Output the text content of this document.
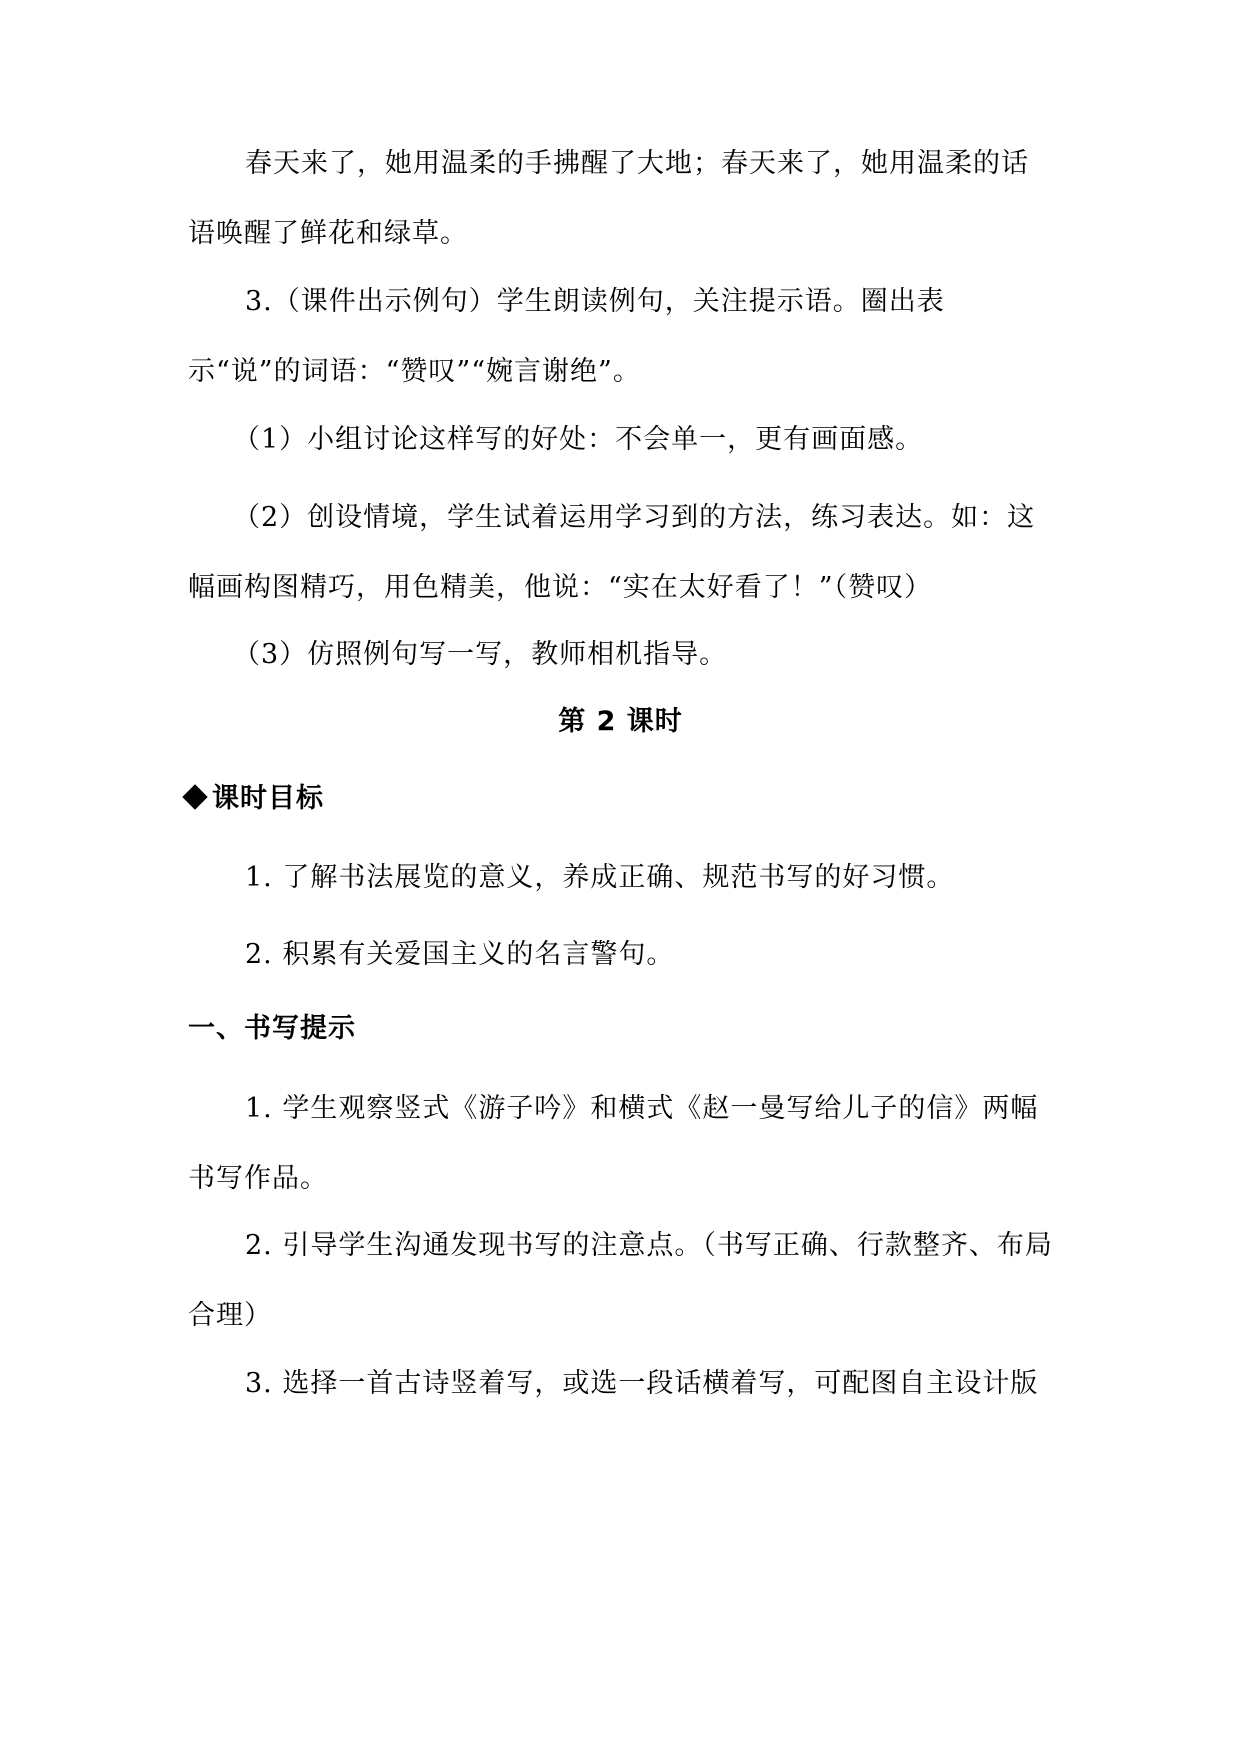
春天来了，她用温柔的手拂醒了大地；春天来了，她用温柔的话语唤醒了鲜花和绿草。

3.（课件出示例句）学生朗读例句，关注提示语。圈出表示“说”的词语：“赞叹”“婉言谢绝”。

（1）小组讨论这样写的好处：不会单一，更有画面感。

（2）创设情境，学生试着运用学习到的方法，练习表达。如：这幅画构图精巧，用色精美，他说：“实在太好看了！”（赞叹）

（3）仿照例句写一写，教师相机指导。

第 2 课时
课时目标

1. 了解书法展览的意义，养成正确、规范书写的好习惯。

2. 积累有关爱国主义的名言警句。

一、书写提示

1. 学生观察竖式《游子吟》和横式《赵一曼写给儿子的信》两幅书写作品。

2. 引导学生沟通发现书写的注意点。（书写正确、行款整齐、布局合理）

3. 选择一首古诗竖着写，或选一段话横着写，可配图自主设计版
